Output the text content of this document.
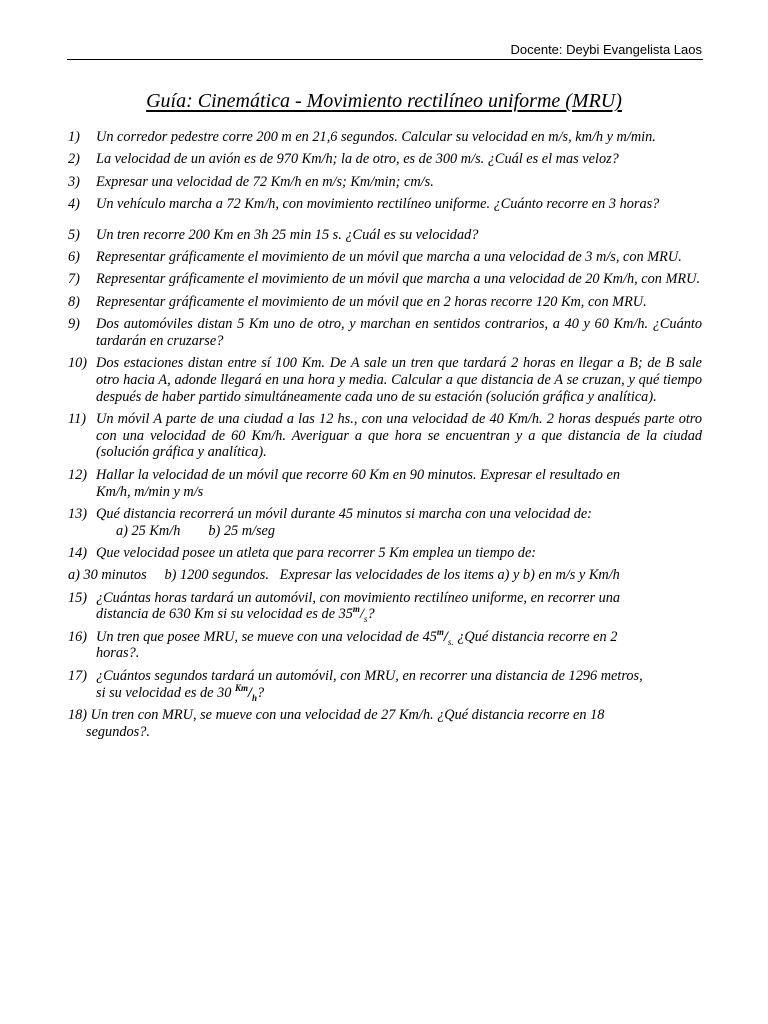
Docente: Deybi Evangelista Laos
Guía: Cinemática - Movimiento rectilíneo uniforme (MRU)
1) Un corredor pedestre corre 200 m en 21,6 segundos. Calcular su velocidad en m/s, km/h y m/min.
2) La velocidad de un avión es de 970 Km/h; la de otro, es de 300 m/s. ¿Cuál es el mas veloz?
3) Expresar una velocidad de 72 Km/h en m/s; Km/min; cm/s.
4) Un vehículo marcha a 72 Km/h, con movimiento rectilíneo uniforme. ¿Cuánto recorre en 3 horas?
5) Un tren recorre 200 Km en 3h 25 min 15 s. ¿Cuál es su velocidad?
6) Representar gráficamente el movimiento de un móvil que marcha a una velocidad de 3 m/s, con MRU.
7) Representar gráficamente el movimiento de un móvil que marcha a una velocidad de 20 Km/h, con MRU.
8) Representar gráficamente el movimiento de un móvil que en 2 horas recorre 120 Km, con MRU.
9) Dos automóviles distan 5 Km uno de otro, y marchan en sentidos contrarios, a 40 y 60 Km/h. ¿Cuánto tardarán en cruzarse?
10) Dos estaciones distan entre sí 100 Km. De A sale un tren que tardará 2 horas en llegar a B; de B sale otro hacia A, adonde llegará en una hora y media. Calcular a que distancia de A se cruzan, y qué tiempo después de haber partido simultáneamente cada uno de su estación (solución gráfica y analítica).
11) Un móvil A parte de una ciudad a las 12 hs., con una velocidad de 40 Km/h. 2 horas después parte otro con una velocidad de 60 Km/h. Averiguar a que hora se encuentran y a que distancia de la ciudad (solución gráfica y analítica).
12) Hallar la velocidad de un móvil que recorre 60 Km en 90 minutos. Expresar el resultado en
Km/h, m/min y m/s
13) Qué distancia recorrerá un móvil durante 45 minutos si marcha con una velocidad de:
a) 25 Km/h b) 25 m/seg
14) Que velocidad posee un atleta que para recorrer 5 Km emplea un tiempo de:
a) 30 minutos     b) 1200 segundos.   Expresar las velocidades de los items a) y b) en m/s y Km/h
15) ¿Cuántas horas tardará un automóvil, con movimiento rectilíneo uniforme, en recorrer una
distancia de 630 Km si su velocidad es de $35^m/_s$?
16) Un tren que posee MRU, se mueve con una velocidad de $45^m/_{s.}$ ¿Qué distancia recorre en 2
horas?.
17) ¿Cuántos segundos tardará un automóvil, con MRU, en recorrer una distancia de 1296 metros,
si su velocidad es de 30 $^{Km}/_h$?
18) Un tren con MRU, se mueve con una velocidad de 27 Km/h. ¿Qué distancia recorre en 18
segundos?.
